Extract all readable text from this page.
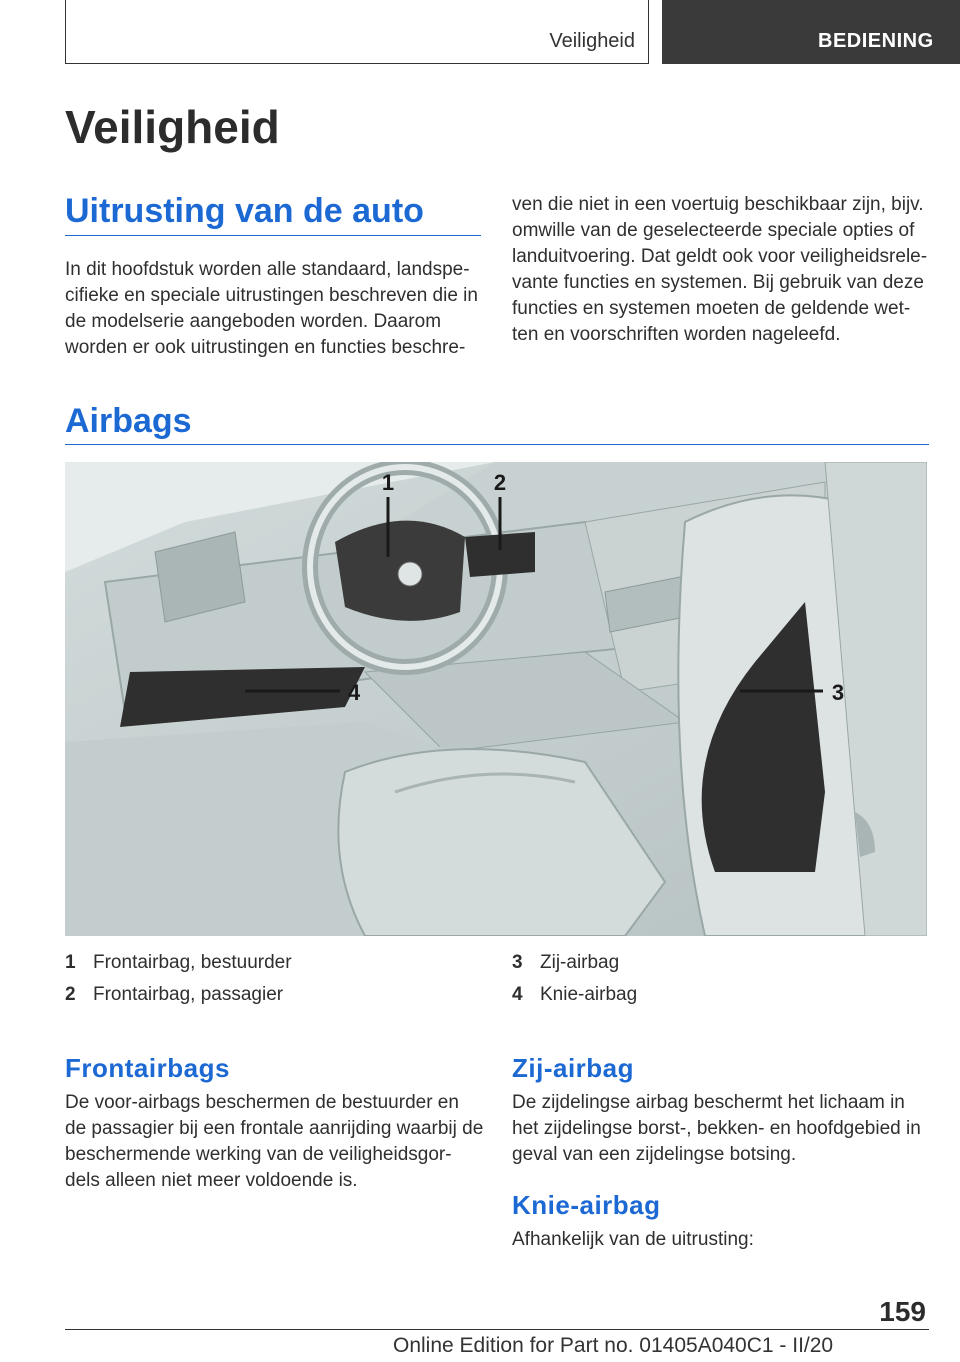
Veiligheid	BEDIENING
Veiligheid
Uitrusting van de auto

In dit hoofdstuk worden alle standaard, landspe-
cifieke en speciale uitrustingen beschreven die in
de modelserie aangeboden worden. Daarom
worden er ook uitrustingen en functies beschre-

ven die niet in een voertuig beschikbaar zijn, bijv.
omwille van de geselecteerde speciale opties of
landuitvoering. Dat geldt ook voor veiligheidsrele-
vante functies en systemen. Bij gebruik van deze
functies en systemen moeten de geldende wet-
ten en voorschriften worden nageleefd.

Airbags
1	2
3
4
1 Frontairbag, bestuurder
2 Frontairbag, passagier
3 Zij-airbag
4 Knie-airbag
Frontairbags

De voor-airbags beschermen de bestuurder en
de passagier bij een frontale aanrijding waarbij de
beschermende werking van de veiligheidsgor-
dels alleen niet meer voldoende is.

Zij-airbag

De zijdelingse airbag beschermt het lichaam in
het zijdelingse borst-, bekken- en hoofdgebied in
geval van een zijdelingse botsing.

Knie-airbag

Afhankelijk van de uitrusting:

159
Online Edition for Part no. 01405A040C1 - II/20
